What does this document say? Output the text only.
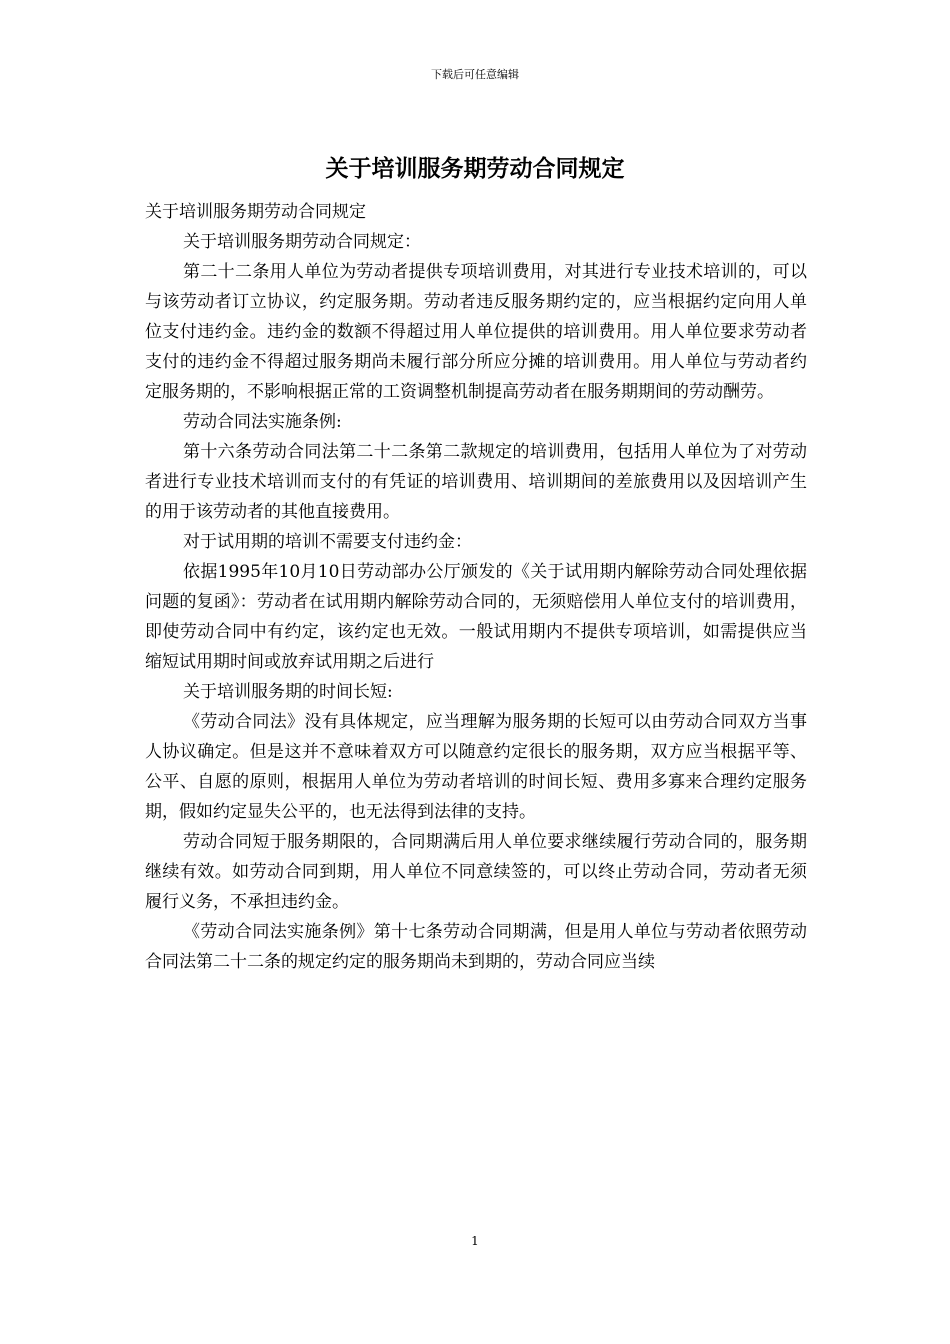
下载后可任意编辑
关于培训服务期劳动合同规定

关于培训服务期劳动合同规定

关于培训服务期劳动合同规定：

第二十二条用人单位为劳动者提供专项培训费用，对其进行专业技术培训的，可以与该劳动者订立协议，约定服务期。劳动者违反服务期约定的，应当根据约定向用人单位支付违约金。违约金的数额不得超过用人单位提供的培训费用。用人单位要求劳动者支付的违约金不得超过服务期尚未履行部分所应分摊的培训费用。用人单位与劳动者约定服务期的，不影响根据正常的工资调整机制提高劳动者在服务期期间的劳动酬劳。

劳动合同法实施条例:

第十六条劳动合同法第二十二条第二款规定的培训费用，包括用人单位为了对劳动者进行专业技术培训而支付的有凭证的培训费用、培训期间的差旅费用以及因培训产生的用于该劳动者的其他直接费用。

对于试用期的培训不需要支付违约金：

依据1995年10月10日劳动部办公厅颁发的《关于试用期内解除劳动合同处理依据问题的复函》：劳动者在试用期内解除劳动合同的，无须赔偿用人单位支付的培训费用，即使劳动合同中有约定，该约定也无效。一般试用期内不提供专项培训，如需提供应当缩短试用期时间或放弃试用期之后进行

关于培训服务期的时间长短:

《劳动合同法》没有具体规定，应当理解为服务期的长短可以由劳动合同双方当事人协议确定。但是这并不意味着双方可以随意约定很长的服务期，双方应当根据平等、公平、自愿的原则，根据用人单位为劳动者培训的时间长短、费用多寡来合理约定服务期，假如约定显失公平的，也无法得到法律的支持。

劳动合同短于服务期限的，合同期满后用人单位要求继续履行劳动合同的，服务期继续有效。如劳动合同到期，用人单位不同意续签的，可以终止劳动合同，劳动者无须履行义务，不承担违约金。

《劳动合同法实施条例》第十七条劳动合同期满，但是用人单位与劳动者依照劳动合同法第二十二条的规定约定的服务期尚未到期的，劳动合同应当续

1
